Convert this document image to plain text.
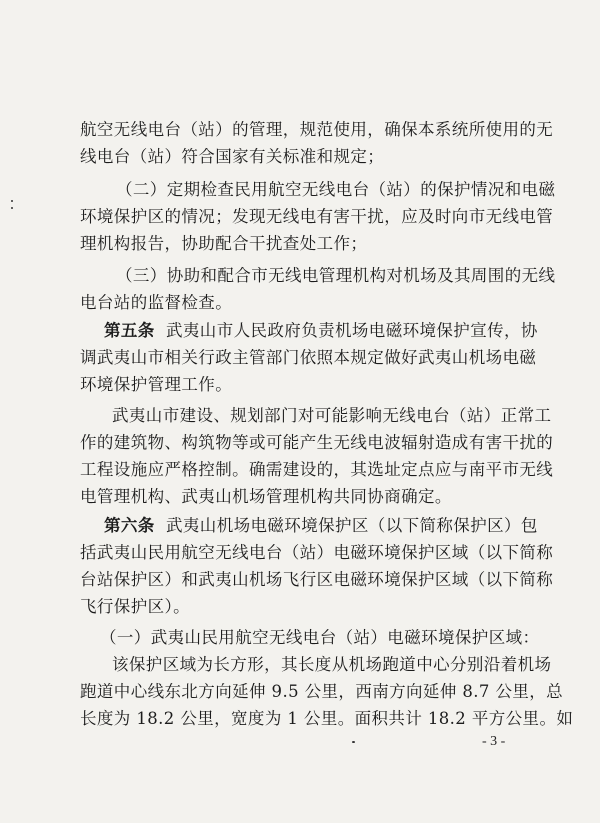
航空无线电台（站）的管理，规范使用，确保本系统所使用的无
线电台（站）符合国家有关标准和规定；
（二）定期检查民用航空无线电台（站）的保护情况和电磁
环境保护区的情况；发现无线电有害干扰，应及时向市无线电管
理机构报告，协助配合干扰查处工作；
（三）协助和配合市无线电管理机构对机场及其周围的无线
电台站的监督检查。
第五条 武夷山市人民政府负责机场电磁环境保护宣传，协
调武夷山市相关行政主管部门依照本规定做好武夷山机场电磁
环境保护管理工作。
武夷山市建设、规划部门对可能影响无线电台（站）正常工
作的建筑物、构筑物等或可能产生无线电波辐射造成有害干扰的
工程设施应严格控制。确需建设的，其选址定点应与南平市无线
电管理机构、武夷山机场管理机构共同协商确定。
第六条 武夷山机场电磁环境保护区（以下简称保护区）包
括武夷山民用航空无线电台（站）电磁环境保护区域（以下简称
台站保护区）和武夷山机场飞行区电磁环境保护区域（以下简称
飞行保护区）。
（一）武夷山民用航空无线电台（站）电磁环境保护区域：
该保护区域为长方形，其长度从机场跑道中心分别沿着机场
跑道中心线东北方向延伸 9.5 公里，西南方向延伸 8.7 公里，总
长度为 18.2 公里，宽度为 1 公里。面积共计 18.2 平方公里。如
- 3 -
